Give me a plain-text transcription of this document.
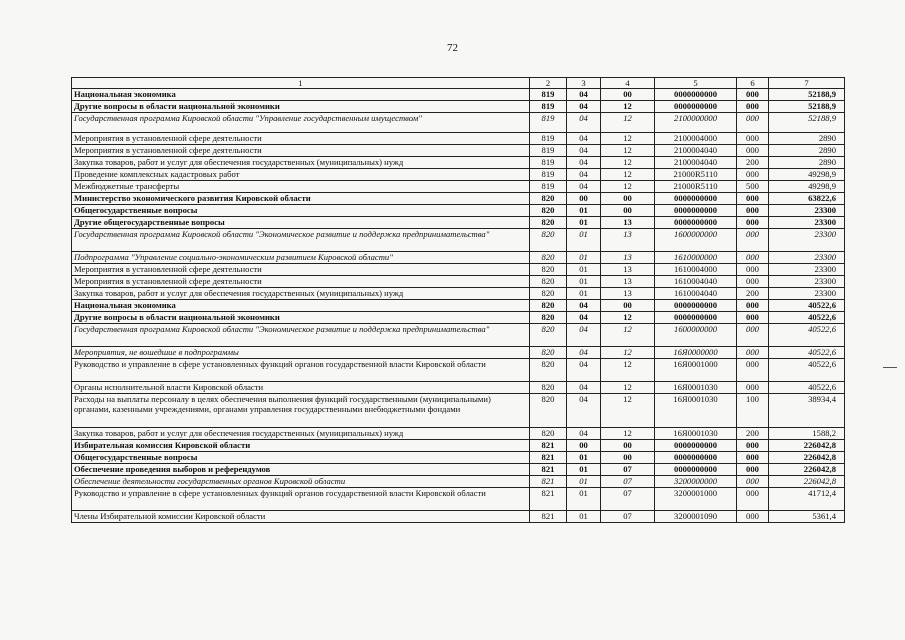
72
1	2	3	4	5	6	7
Национальная экономика	819	04	00	0000000000	000	52188,9
Другие вопросы в области национальной экономики	819	04	12	0000000000	000	52188,9
Государственная программа Кировской области "Управление государственным имуществом"	819	04	12	2100000000	000	52188,9
Мероприятия в установленной сфере деятельности	819	04	12	2100004000	000	2890
Мероприятия в установленной сфере деятельности	819	04	12	2100004040	000	2890
Закупка товаров, работ и услуг для обеспечения государственных (муниципальных) нужд	819	04	12	2100004040	200	2890
Проведение комплексных кадастровых работ	819	04	12	21000R5110	000	49298,9
Межбюджетные трансферты	819	04	12	21000R5110	500	49298,9
Министерство экономического развития Кировской области	820	00	00	0000000000	000	63822,6
Общегосударственные вопросы	820	01	00	0000000000	000	23300
Другие общегосударственные вопросы	820	01	13	0000000000	000	23300
Государственная программа Кировской области "Экономическое развитие и поддержка предпринимательства"	820	01	13	1600000000	000	23300
Подпрограмма "Управление социально-экономическим развитием Кировской области"	820	01	13	1610000000	000	23300
Мероприятия в установленной сфере деятельности	820	01	13	1610004000	000	23300
Мероприятия в установленной сфере деятельности	820	01	13	1610004040	000	23300
Закупка товаров, работ и услуг для обеспечения государственных (муниципальных) нужд	820	01	13	1610004040	200	23300
Национальная экономика	820	04	00	0000000000	000	40522,6
Другие вопросы в области национальной экономики	820	04	12	0000000000	000	40522,6
Государственная программа Кировской области "Экономическое развитие и поддержка предпринимательства"	820	04	12	1600000000	000	40522,6
Мероприятия, не вошедшие в подпрограммы	820	04	12	16Я0000000	000	40522,6
Руководство и управление в сфере установленных функций органов государственной власти Кировской области	820	04	12	16Я0001000	000	40522,6
Органы исполнительной власти Кировской области	820	04	12	16Я0001030	000	40522,6
Расходы на выплаты персоналу в целях обеспечения выполнения функций государственными (муниципальными) органами, казенными учреждениями, органами управления государственными внебюджетными фондами	820	04	12	16Я0001030	100	38934,4
Закупка товаров, работ и услуг для обеспечения государственных (муниципальных) нужд	820	04	12	16Я0001030	200	1588,2
Избирательная комиссия Кировской области	821	00	00	0000000000	000	226042,8
Общегосударственные вопросы	821	01	00	0000000000	000	226042,8
Обеспечение проведения выборов и референдумов	821	01	07	0000000000	000	226042,8
Обеспечение деятельности государственных органов Кировской области	821	01	07	3200000000	000	226042,8
Руководство и управление в сфере установленных функций органов государственной власти Кировской области	821	01	07	3200001000	000	41712,4
Члены Избирательной комиссии Кировской области	821	01	07	3200001090	000	5361,4
